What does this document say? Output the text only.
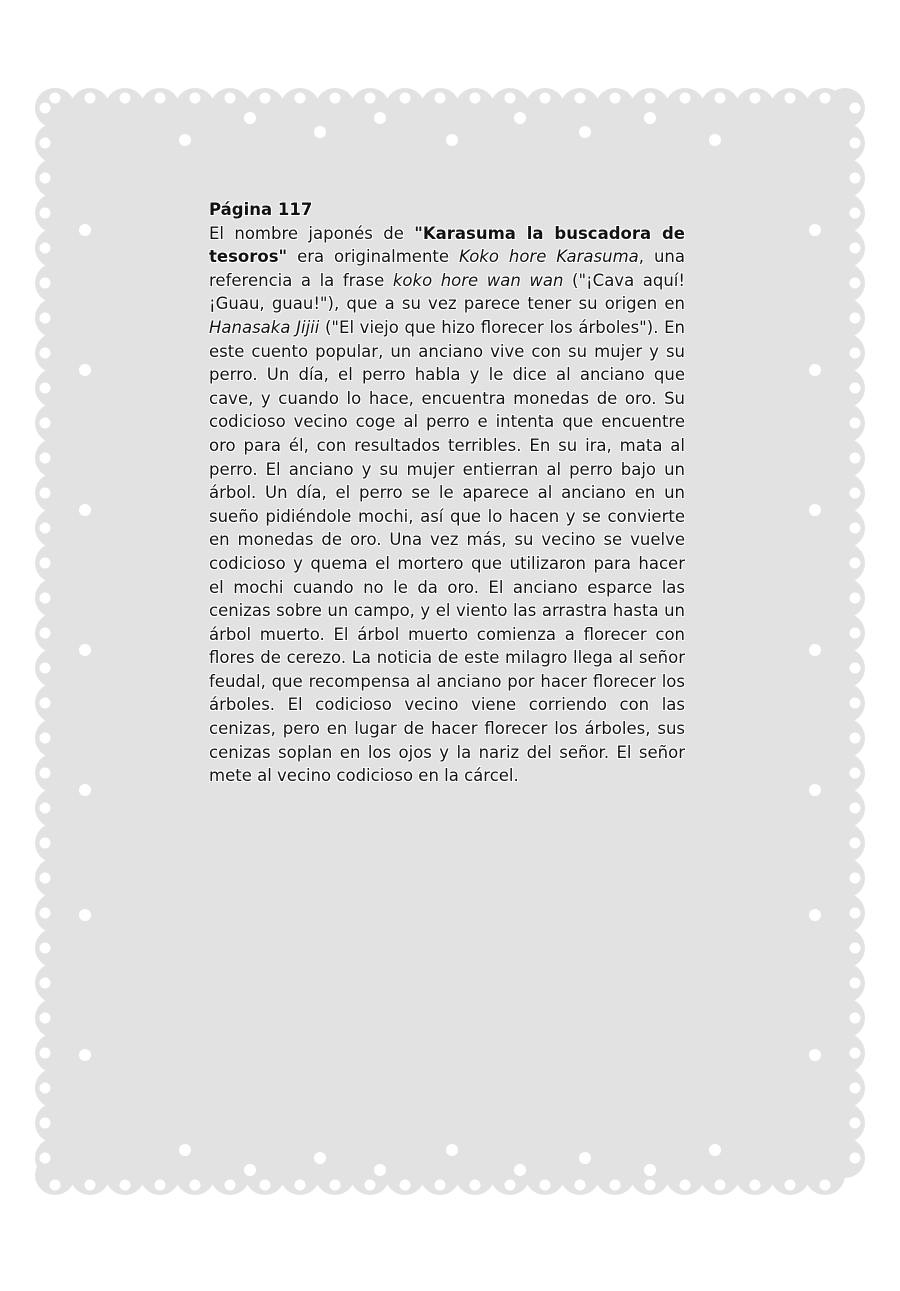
Página 117

El nombre japonés de "Karasuma la buscadora de tesoros" era originalmente Koko hore Karasuma, una referencia a la frase koko hore wan wan ("¡Cava aquí! ¡Guau, guau!"), que a su vez parece tener su origen en Hanasaka Jijii ("El viejo que hizo florecer los árboles"). En este cuento popular, un anciano vive con su mujer y su perro. Un día, el perro habla y le dice al anciano que cave, y cuando lo hace, encuentra monedas de oro. Su codicioso vecino coge al perro e intenta que encuentre oro para él, con resultados terribles. En su ira, mata al perro. El anciano y su mujer entierran al perro bajo un árbol. Un día, el perro se le aparece al anciano en un sueño pidiéndole mochi, así que lo hacen y se convierte en monedas de oro. Una vez más, su vecino se vuelve codicioso y quema el mortero que utilizaron para hacer el mochi cuando no le da oro. El anciano esparce las cenizas sobre un campo, y el viento las arrastra hasta un árbol muerto. El árbol muerto comienza a florecer con flores de cerezo. La noticia de este milagro llega al señor feudal, que recompensa al anciano por hacer florecer los árboles. El codicioso vecino viene corriendo con las cenizas, pero en lugar de hacer florecer los árboles, sus cenizas soplan en los ojos y la nariz del señor. El señor mete al vecino codicioso en la cárcel.
